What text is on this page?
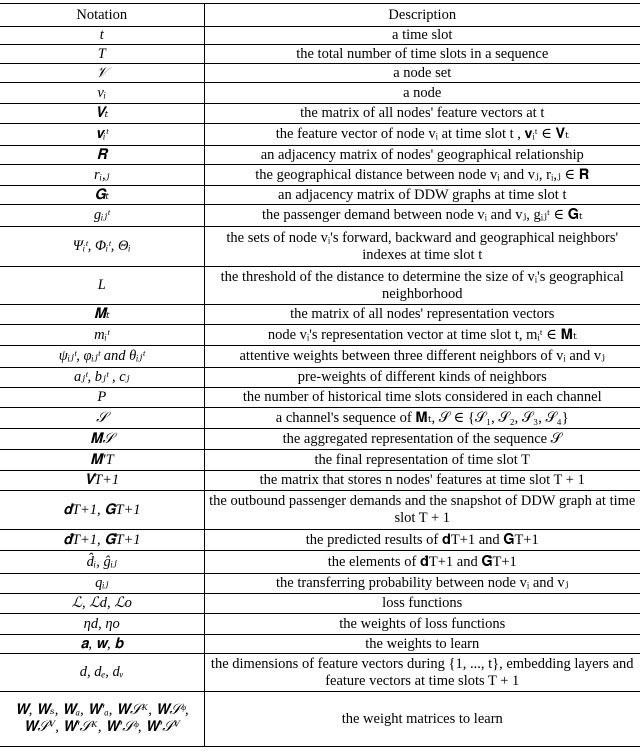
Notation	Description
t	a time slot
T	the total number of time slots in a sequence
𝒱	a node set
vᵢ	a node
𝐕ₜ	the matrix of all nodes' feature vectors at t
𝐯ᵢᵗ	the feature vector of node vᵢ at time slot t , 𝐯ᵢᵗ ∈ 𝐕ₜ
𝐑	an adjacency matrix of nodes' geographical relationship
rᵢ,ⱼ	the geographical distance between node vᵢ and vⱼ, rᵢ,ⱼ ∈ 𝐑
𝐆ₜ	an adjacency matrix of DDW graphs at time slot t
gᵢⱼᵗ	the passenger demand between node vᵢ and vⱼ, gᵢⱼᵗ ∈ 𝐆ₜ
Ψᵢᵗ, Φᵢᵗ, Θᵢ	the sets of node vᵢ's forward, backward and geographical neighbors' indexes at time slot t
L	the threshold of the distance to determine the size of vᵢ's geographical neighborhood
𝐌ₜ	the matrix of all nodes' representation vectors
mᵢᵗ	node vᵢ's representation vector at time slot t, mᵢᵗ ∈ 𝐌ₜ
ψᵢⱼᵗ, φᵢⱼᵗ and θᵢⱼᵗ	attentive weights between three different neighbors of vᵢ and vⱼ
aⱼᵗ, bⱼᵗ , cⱼ	pre-weights of different kinds of neighbors
P	the number of historical time slots considered in each channel
𝒮	a channel's sequence of 𝐌ₜ, 𝒮 ∈ {𝒮₁, 𝒮₂, 𝒮₃, 𝒮₄}
𝐌𝒮	the aggregated representation of the sequence 𝒮
𝐌′T	the final representation of time slot T
𝐕T+1	the matrix that stores n nodes' features at time slot T + 1
𝐝T+1, 𝐆T+1	the outbound passenger demands and the snapshot of DDW graph at time slot T + 1
𝐝̂T+1, 𝐆̂T+1	the predicted results of 𝐝T+1 and 𝐆T+1
d̂ᵢ, ĝᵢⱼ	the elements of 𝐝̂T+1 and 𝐆̂T+1
qᵢⱼ	the transferring probability between node vᵢ and vⱼ
ℒ, ℒd, ℒo	loss functions
ηd, ηo	the weights of loss functions
𝐚, 𝐰, 𝐛	the weights to learn
d, dₑ, dᵥ	the dimensions of feature vectors during {1, ..., t}, embedding layers and feature vectors at time slots T + 1
𝐖, 𝐖ₛ, 𝐖ₐ, 𝐖′ₐ, 𝐖𝒮ᴷ, 𝐖𝒮ᵠ, 𝐖𝒮ⱽ, 𝐖′𝒮ᴷ, 𝐖′𝒮ᵠ, 𝐖′𝒮ⱽ	the weight matrices to learn
